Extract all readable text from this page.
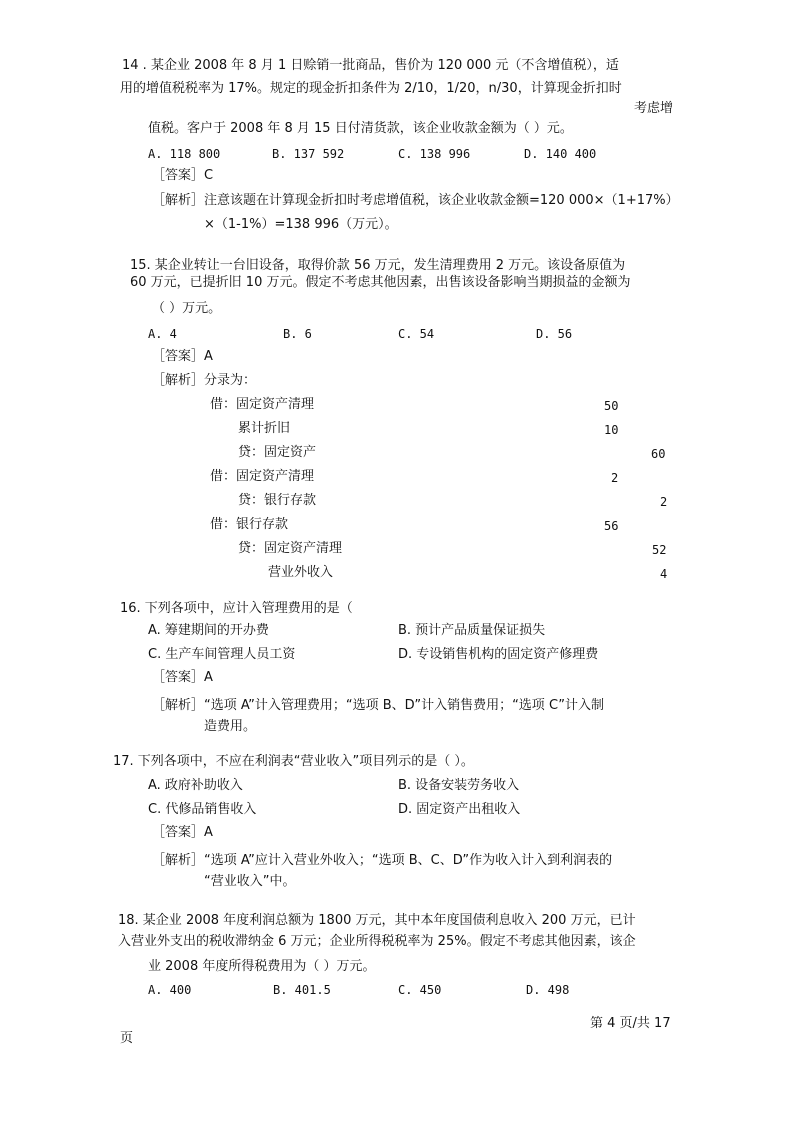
14 . 某企业 2008 年 8 月 1 日赊销一批商品，售价为 120 000 元（不含增值税），适
用的增值税税率为 17%。规定的现金折扣条件为 2/10，1/20，n/30，计算现金折扣时
考虑增
值税。客户于 2008 年 8 月 15 日付清货款，该企业收款金额为（ ）元。
A. 118 800	B. 137 592	C. 138 996	D. 140 400
［答案］C
［解析］注意该题在计算现金折扣时考虑增值税，该企业收款金额=120 000×（1+17%）
×（1-1%）=138 996（万元）。
15. 某企业转让一台旧设备，取得价款 56 万元，发生清理费用 2 万元。该设备原值为
60 万元，已提折旧 10 万元。假定不考虑其他因素，出售该设备影响当期损益的金额为
（ ）万元。
A. 4	B. 6	C. 54	D. 56
［答案］A
［解析］分录为：
借：固定资产清理	50
累计折旧	10
贷：固定资产	60
借：固定资产清理	2
贷：银行存款	2
借：银行存款	56
贷：固定资产清理	52
营业外收入	4
16. 下列各项中，应计入管理费用的是（
A. 筹建期间的开办费	B. 预计产品质量保证损失
C. 生产车间管理人员工资	D. 专设销售机构的固定资产修理费
［答案］A
［解析］“选项 A”计入管理费用；“选项 B、D”计入销售费用；“选项 C”计入制
造费用。
17. 下列各项中，不应在利润表“营业收入”项目列示的是（ ）。
A. 政府补助收入	B. 设备安装劳务收入
C. 代修品销售收入	D. 固定资产出租收入
［答案］A
［解析］“选项 A”应计入营业外收入；“选项 B、C、D”作为收入计入到利润表的
“营业收入”中。
18. 某企业 2008 年度利润总额为 1800 万元，其中本年度国债利息收入 200 万元，已计
入营业外支出的税收滞纳金 6 万元；企业所得税税率为 25%。假定不考虑其他因素，该企
业 2008 年度所得税费用为（ ）万元。
A. 400	B. 401.5	C. 450	D. 498
第 4 页/共 17
页
